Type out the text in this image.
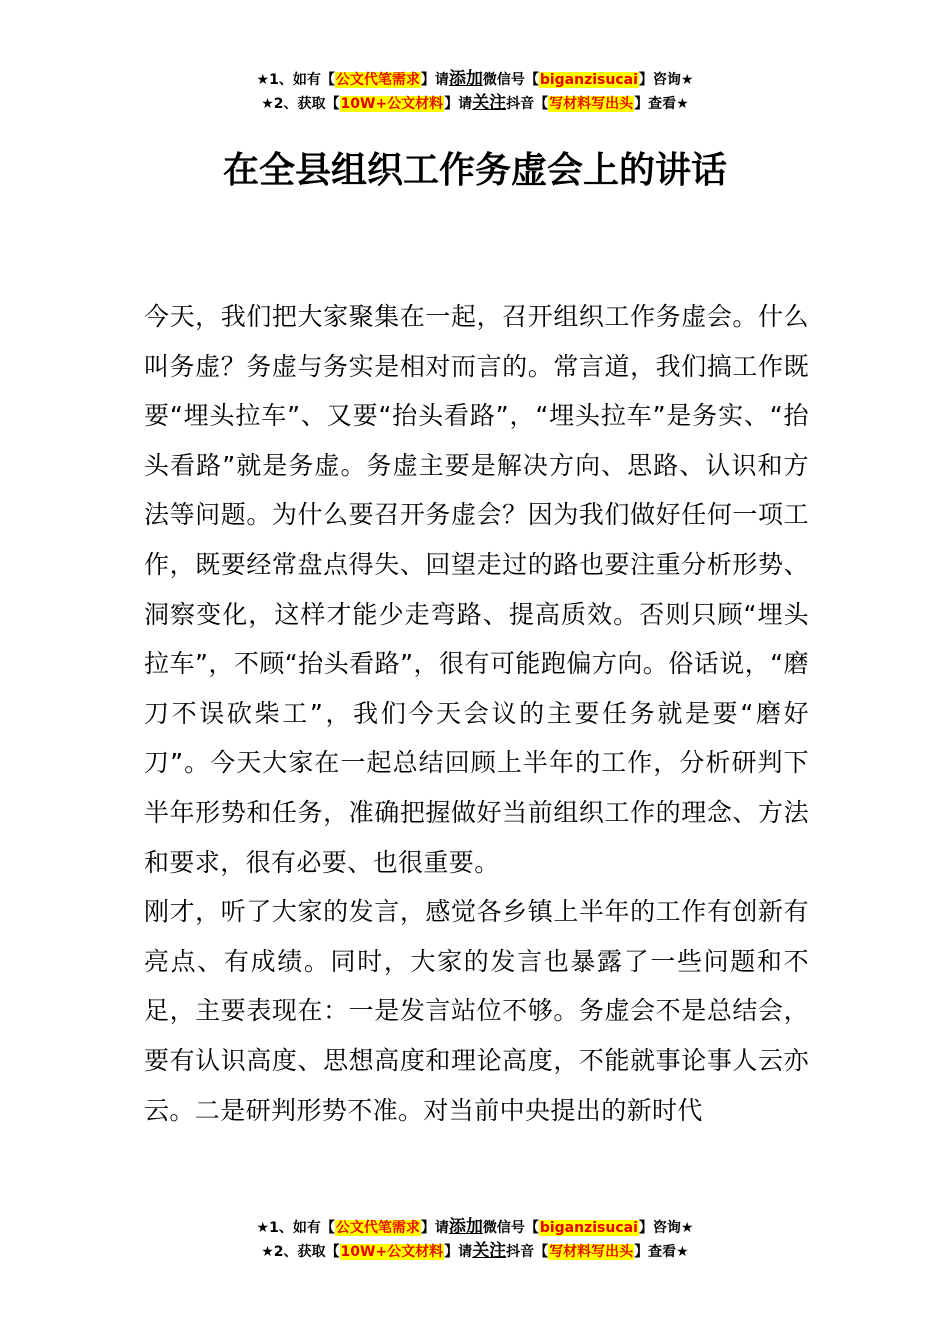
★1、如有【公文代笔需求】请添加微信号【biganzisucai】咨询★
★2、获取【10W+公文材料】请关注抖音【写材料写出头】查看★
在全县组织工作务虚会上的讲话

今天，我们把大家聚集在一起，召开组织工作务虚会。什么叫务虚？务虚与务实是相对而言的。常言道，我们搞工作既要“埋头拉车”、又要“抬头看路”，“埋头拉车”是务实、“抬头看路”就是务虚。务虚主要是解决方向、思路、认识和方法等问题。为什么要召开务虚会？因为我们做好任何一项工作，既要经常盘点得失、回望走过的路也要注重分析形势、洞察变化，这样才能少走弯路、提高质效。否则只顾“埋头拉车”，不顾“抬头看路”，很有可能跑偏方向。俗话说，“磨刀不误砍柴工”，我们今天会议的主要任务就是要“磨好刀”。今天大家在一起总结回顾上半年的工作，分析研判下半年形势和任务，准确把握做好当前组织工作的理念、方法和要求，很有必要、也很重要。

刚才，听了大家的发言，感觉各乡镇上半年的工作有创新有亮点、有成绩。同时，大家的发言也暴露了一些问题和不足，主要表现在：一是发言站位不够。务虚会不是总结会，要有认识高度、思想高度和理论高度，不能就事论事人云亦云。二是研判形势不准。对当前中央提出的新时代

★1、如有【公文代笔需求】请添加微信号【biganzisucai】咨询★
★2、获取【10W+公文材料】请关注抖音【写材料写出头】查看★
